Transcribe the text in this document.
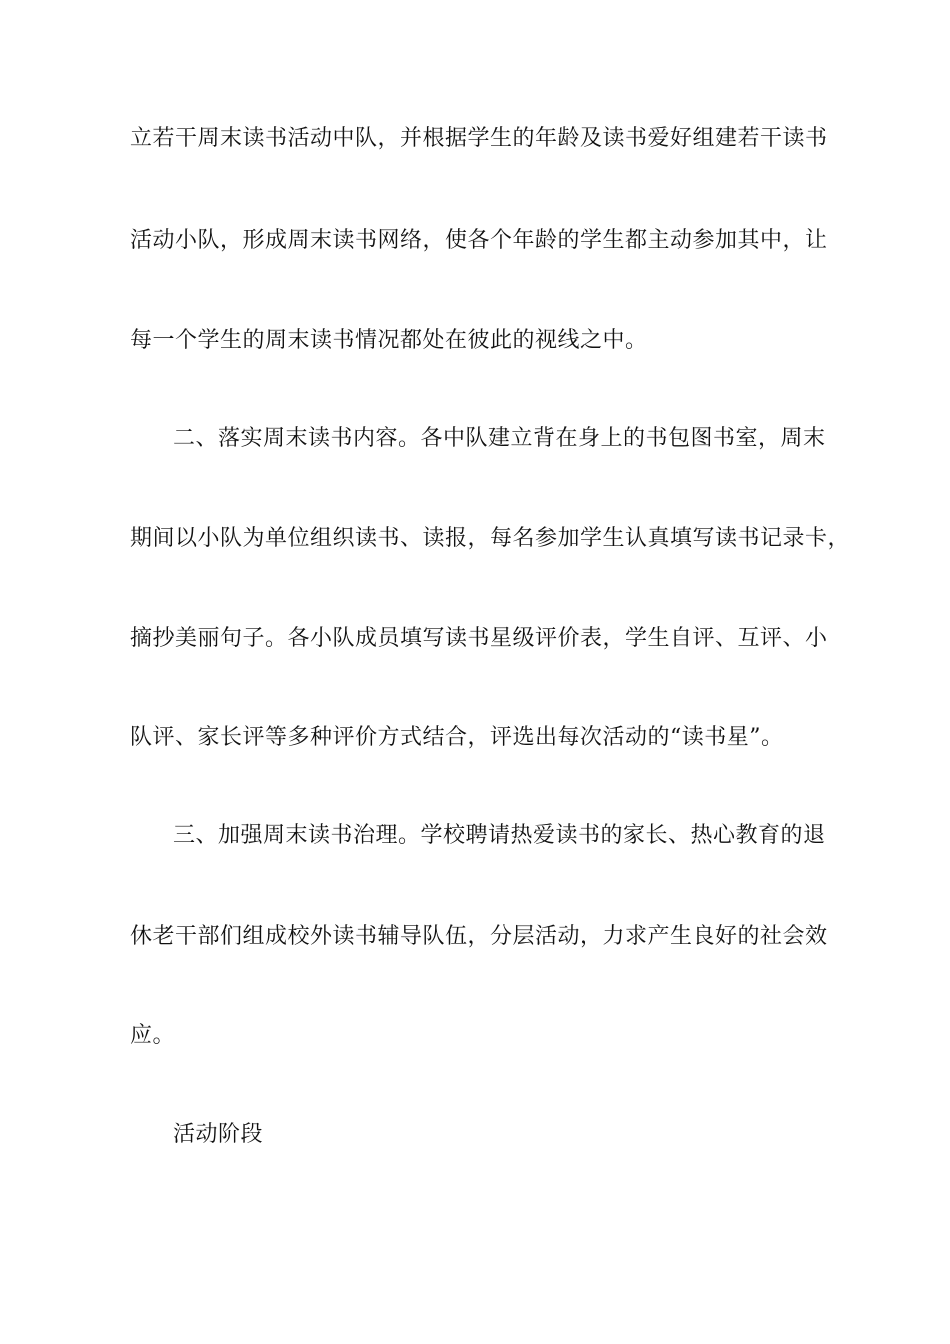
立若干周末读书活动中队，并根据学生的年龄及读书爱好组建若干读书
活动小队，形成周末读书网络，使各个年龄的学生都主动参加其中，让
每一个学生的周末读书情况都处在彼此的视线之中。
二、落实周末读书内容。各中队建立背在身上的书包图书室，周末
期间以小队为单位组织读书、读报，每名参加学生认真填写读书记录卡，
摘抄美丽句子。各小队成员填写读书星级评价表，学生自评、互评、小
队评、家长评等多种评价方式结合，评选出每次活动的“读书星”。
三、加强周末读书治理。学校聘请热爱读书的家长、热心教育的退
休老干部们组成校外读书辅导队伍，分层活动，力求产生良好的社会效
应。
活动阶段
